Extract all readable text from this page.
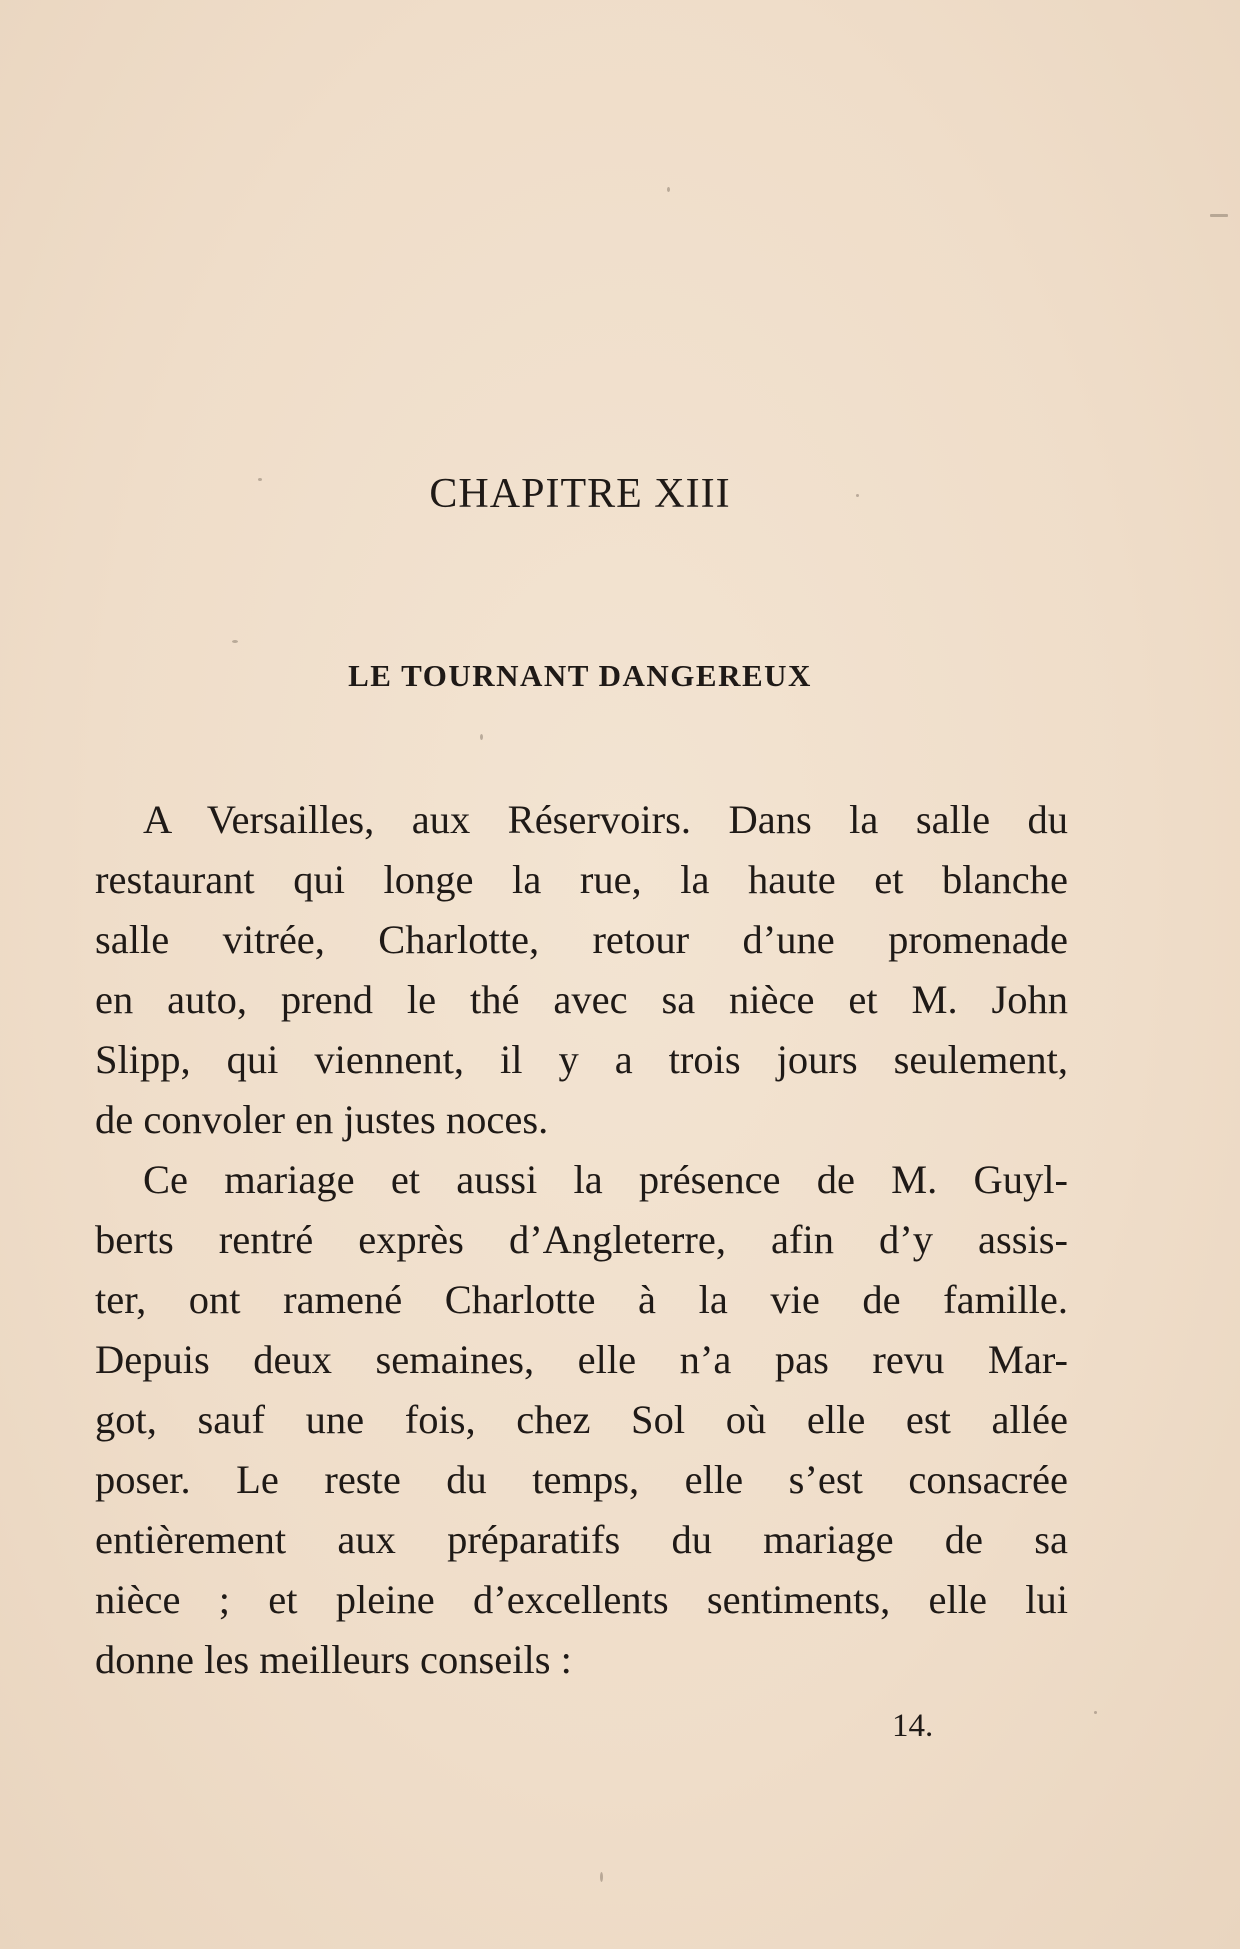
CHAPITRE XIII
LE TOURNANT DANGEREUX

A Versailles, aux Réservoirs. Dans la salle du
restaurant qui longe la rue, la haute et blanche
salle vitrée, Charlotte, retour d’une promenade
en auto, prend le thé avec sa nièce et M. John
Slipp, qui viennent, il y a trois jours seulement,
de convoler en justes noces.

Ce mariage et aussi la présence de M. Guyl-
berts rentré exprès d’Angleterre, afin d’y assis-
ter, ont ramené Charlotte à la vie de famille.
Depuis deux semaines, elle n’a pas revu Mar-
got, sauf une fois, chez Sol où elle est allée
poser. Le reste du temps, elle s’est consacrée
entièrement aux préparatifs du mariage de sa
nièce ; et pleine d’excellents sentiments, elle lui
donne les meilleurs conseils :

14.
